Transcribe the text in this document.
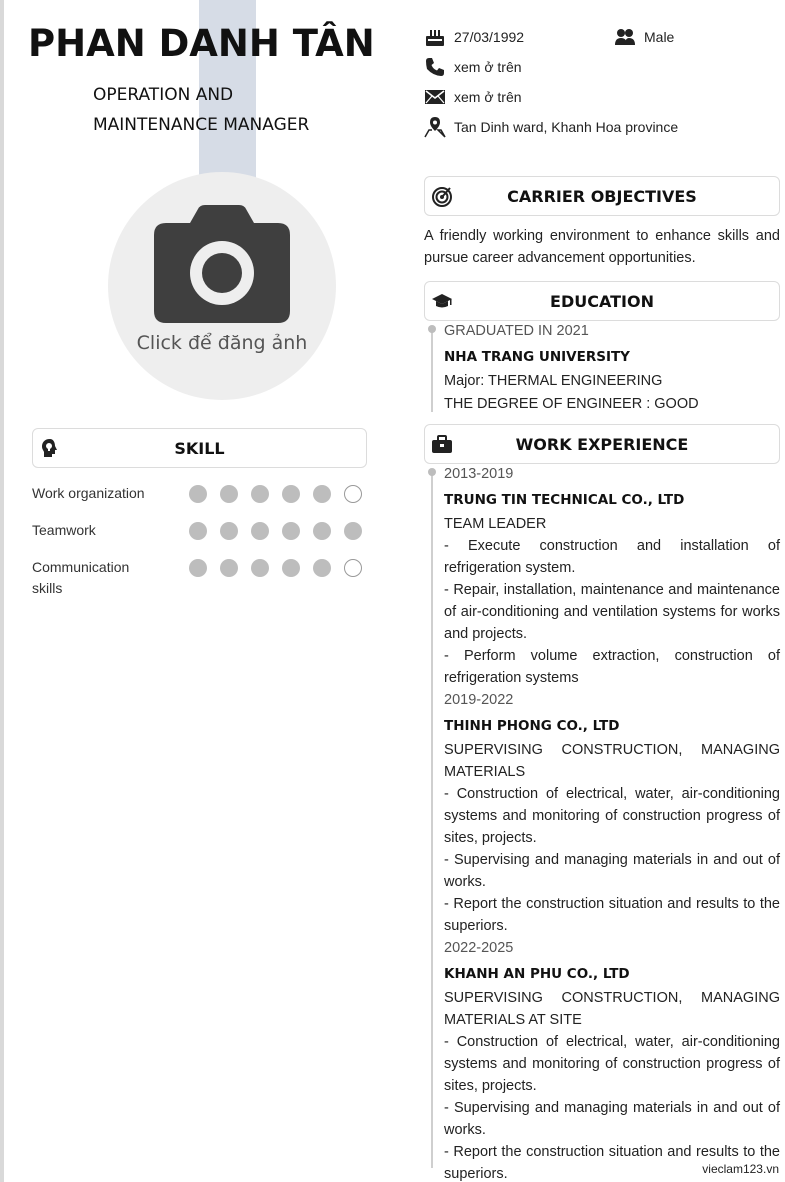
PHAN DANH TÂN
OPERATION AND MAINTENANCE MANAGER
Click để đăng ảnh
SKILL
Work organization
Teamwork
Communication skills
27/03/1992	Male
xem ở trên
xem ở trên
Tan Dinh ward, Khanh Hoa province
CARRIER OBJECTIVES
A friendly working environment to enhance skills and pursue career advancement opportunities.
EDUCATION
GRADUATED IN 2021
NHA TRANG UNIVERSITY
Major: THERMAL ENGINEERING
THE DEGREE OF ENGINEER : GOOD
WORK EXPERIENCE
2013-2019
TRUNG TIN TECHNICAL CO., LTD
TEAM LEADER
- Execute construction and installation of refrigeration system.
- Repair, installation, maintenance and maintenance of air-conditioning and ventilation systems for works and projects.
- Perform volume extraction, construction of refrigeration systems
2019-2022
THINH PHONG CO., LTD
SUPERVISING CONSTRUCTION, MANAGING MATERIALS
- Construction of electrical, water, air-conditioning systems and monitoring of construction progress of sites, projects.
- Supervising and managing materials in and out of works.
- Report the construction situation and results to the superiors.
2022-2025
KHANH AN PHU CO., LTD
SUPERVISING CONSTRUCTION, MANAGING MATERIALS AT SITE
- Construction of electrical, water, air-conditioning systems and monitoring of construction progress of sites, projects.
- Supervising and managing materials in and out of works.
- Report the construction situation and results to the superiors.	vieclam123.vn
